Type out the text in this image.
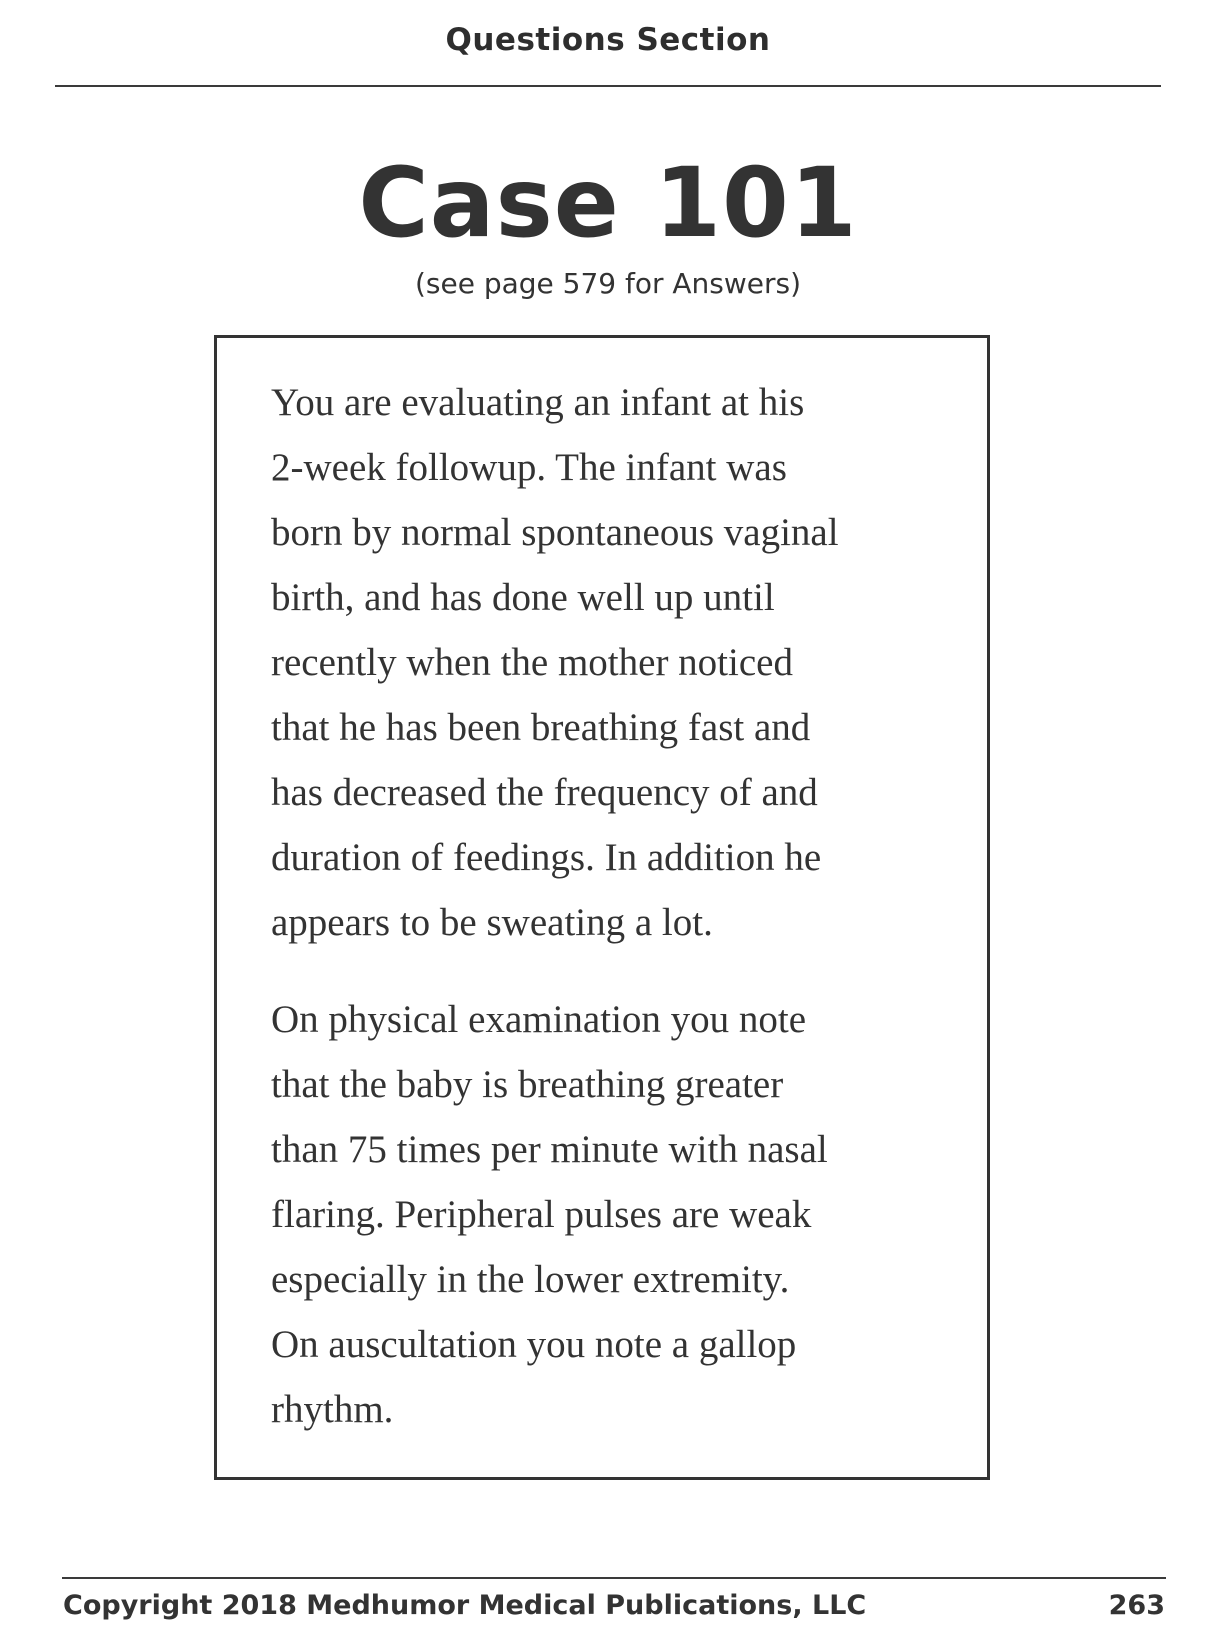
Questions Section
Case 101
(see page 579 for Answers)

You are evaluating an infant at his
2-week followup. The infant was
born by normal spontaneous vaginal
birth, and has done well up until
recently when the mother noticed
that he has been breathing fast and
has decreased the frequency of and
duration of feedings. In addition he
appears to be sweating a lot.

On physical examination you note
that the baby is breathing greater
than 75 times per minute with nasal
flaring. Peripheral pulses are weak
especially in the lower extremity.
On auscultation you note a gallop
rhythm.

Copyright 2018 Medhumor Medical Publications, LLC	263
